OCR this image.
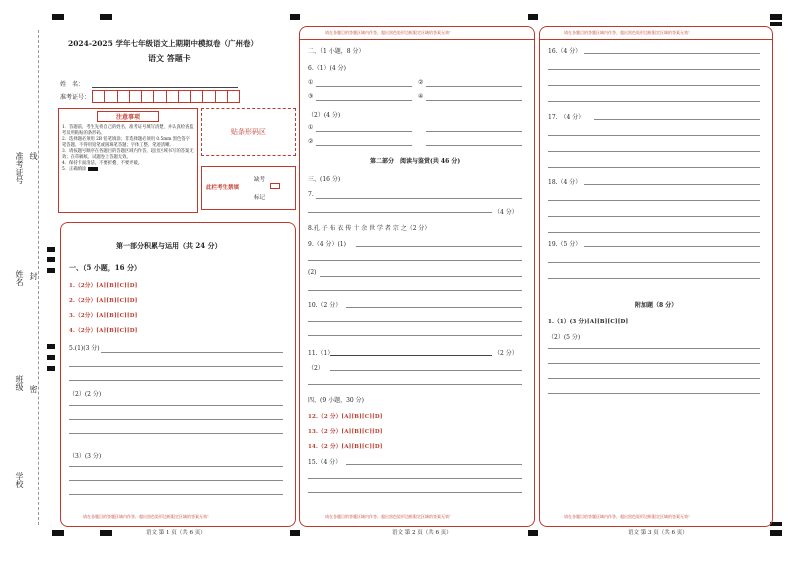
准考证号 线
姓名 封
班级 密
学校
2024-2025 学年七年级语文上期期中模拟卷（广州卷）
语文 答题卡
姓　名：
准考证号：
注意事项
1．答题前，考生先将自己的姓名、准考证号填写清楚，并认真检查监考员所粘贴的条形码。
2．选择题必须用 2B 铅笔填涂；非选择题必须用 0.5mm 黑色签字笔答题，不得用铅笔或圆珠笔答题；字体工整、笔迹清晰。
3．请按题号顺序在各题目的答题区域内作答，超出区域书写的答案无效；在草稿纸、试题卷上答题无效。
4．保持卡面清洁，不要折叠、不要弄破。
5．正确填涂
贴条形码区
此栏考生禁填
缺考
标记
第一部分积累与运用（共 24 分）
一、（5 小题，16 分）
1.（2分）[A][B][C][D]
2.（2分）[A][B][C][D]
3.（2分）[A][B][C][D]
4.（2分）[A][B][C][D]
5.(1)(3 分)
（2）(2 分)
（3）(3 分)
请在各题目的答题区域内作答，超出黑色矩形边框限定区域的答案无效！
语文 第 1 页（共 6 页）
请在各题目的答题区域内作答，超出黑色矩形边框限定区域的答案无效！
二、（1 小题，8 分）
6.（1）(4 分)
①	②
③	④
（2）(4 分)
①
②
第二部分　阅读与鉴赏(共 46 分)
三、(16 分)
7.
（4 分）
8.孔 子 布 衣 传 十 余 世 学 者 宗 之（2 分）
9.（4 分）(1)
(2)
10.（2 分）
11.（1）	（2 分）
（2）
四、(9 小题，30 分)
12.（2 分）[A][B][C][D]
13.（2 分）[A][B][C][D]
14.（2 分）[A][B][C][D]
15.（4 分）
请在各题目的答题区域内作答，超出黑色矩形边框限定区域的答案无效！
语文 第 2 页（共 6 页）
请在各题目的答题区域内作答，超出黑色矩形边框限定区域的答案无效！
16.（4 分）
17.　（4 分）
18.（4 分）
19.（5 分）
附加题（8 分）
1.（1）(3 分)[A][B][C][D]
（2）(5 分)
请在各题目的答题区域内作答，超出黑色矩形边框限定区域的答案无效！
语文 第 3 页（共 6 页）
